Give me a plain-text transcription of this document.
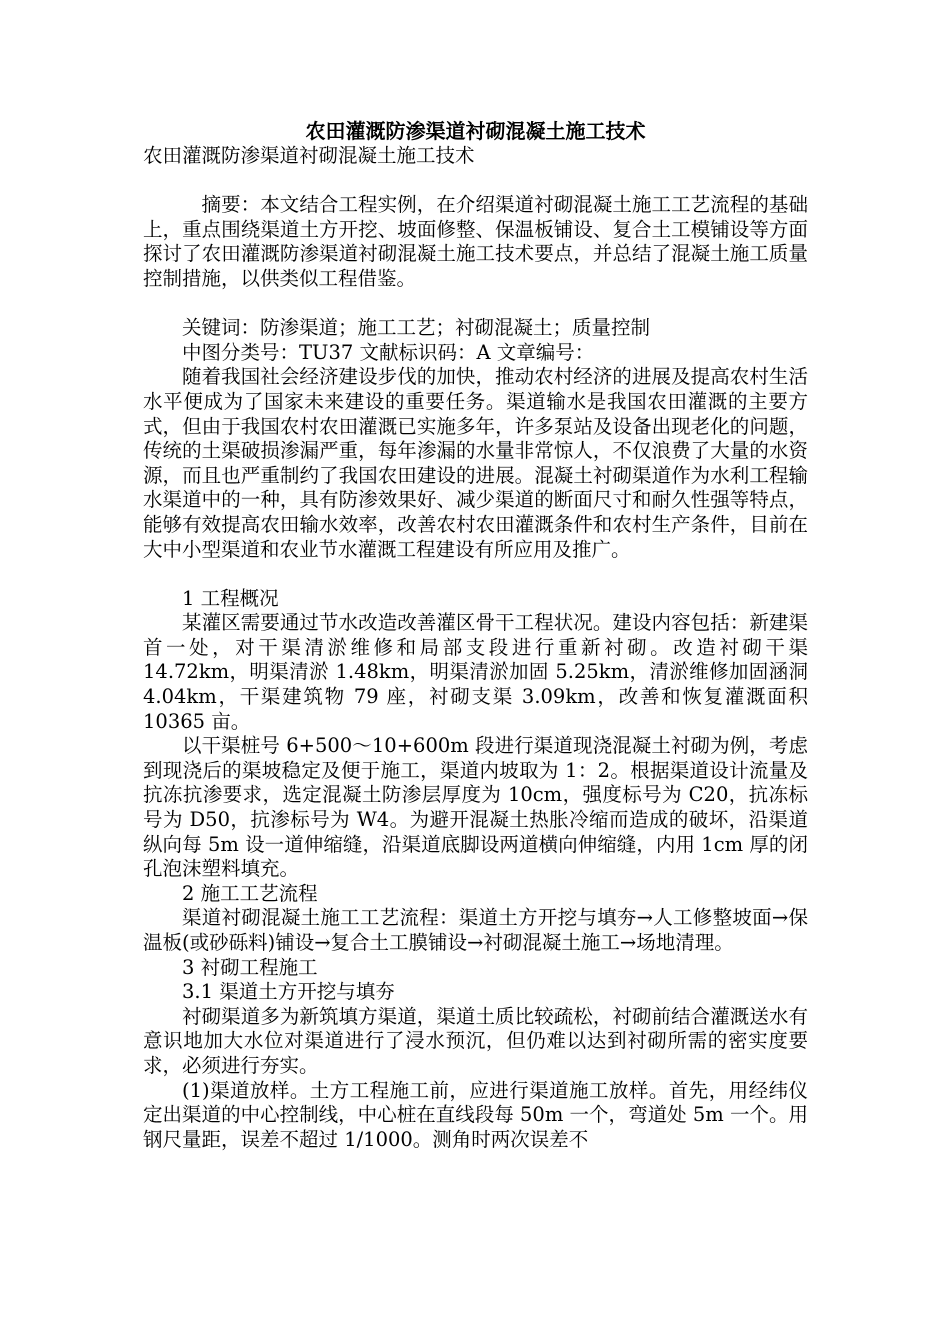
农田灌溉防渗渠道衬砌混凝土施工技术

农田灌溉防渗渠道衬砌混凝土施工技术

摘要：本文结合工程实例，在介绍渠道衬砌混凝土施工工艺流程的基础上，重点围绕渠道土方开挖、坡面修整、保温板铺设、复合土工模铺设等方面探讨了农田灌溉防渗渠道衬砌混凝土施工技术要点，并总结了混凝土施工质量控制措施，以供类似工程借鉴。

关键词：防渗渠道；施工工艺；衬砌混凝土；质量控制

中图分类号：TU37 文献标识码：A 文章编号：

随着我国社会经济建设步伐的加快，推动农村经济的进展及提高农村生活水平便成为了国家未来建设的重要任务。渠道输水是我国农田灌溉的主要方式，但由于我国农村农田灌溉已实施多年，许多泵站及设备出现老化的问题，传统的土渠破损渗漏严重，每年渗漏的水量非常惊人，不仅浪费了大量的水资源，而且也严重制约了我国农田建设的进展。混凝土衬砌渠道作为水利工程输水渠道中的一种，具有防渗效果好、减少渠道的断面尺寸和耐久性强等特点，能够有效提高农田输水效率，改善农村农田灌溉条件和农村生产条件，目前在大中小型渠道和农业节水灌溉工程建设有所应用及推广。

1 工程概况

某灌区需要通过节水改造改善灌区骨干工程状况。建设内容包括：新建渠首一处，对干渠清淤维修和局部支段进行重新衬砌。改造衬砌干渠 14.72km，明渠清淤 1.48km，明渠清淤加固 5.25km，清淤维修加固涵洞 4.04km，干渠建筑物 79 座，衬砌支渠 3.09km，改善和恢复灌溉面积 10365 亩。

以干渠桩号 6+500～10+600m 段进行渠道现浇混凝土衬砌为例，考虑到现浇后的渠坡稳定及便于施工，渠道内坡取为 1：2。根据渠道设计流量及抗冻抗渗要求，选定混凝土防渗层厚度为 10cm，强度标号为 C20，抗冻标号为 D50，抗渗标号为 W4。为避开混凝土热胀冷缩而造成的破坏，沿渠道纵向每 5m 设一道伸缩缝，沿渠道底脚设两道横向伸缩缝，内用 1cm 厚的闭孔泡沫塑料填充。

2 施工工艺流程

渠道衬砌混凝土施工工艺流程：渠道土方开挖与填夯→人工修整坡面→保温板(或砂砾料)铺设→复合土工膜铺设→衬砌混凝土施工→场地清理。

3 衬砌工程施工

3.1 渠道土方开挖与填夯

衬砌渠道多为新筑填方渠道，渠道土质比较疏松，衬砌前结合灌溉送水有意识地加大水位对渠道进行了浸水预沉，但仍难以达到衬砌所需的密实度要求，必须进行夯实。

(1)渠道放样。土方工程施工前，应进行渠道施工放样。首先，用经纬仪定出渠道的中心控制线，中心桩在直线段每 50m 一个，弯道处 5m 一个。用钢尺量距，误差不超过 1/1000。测角时两次误差不
